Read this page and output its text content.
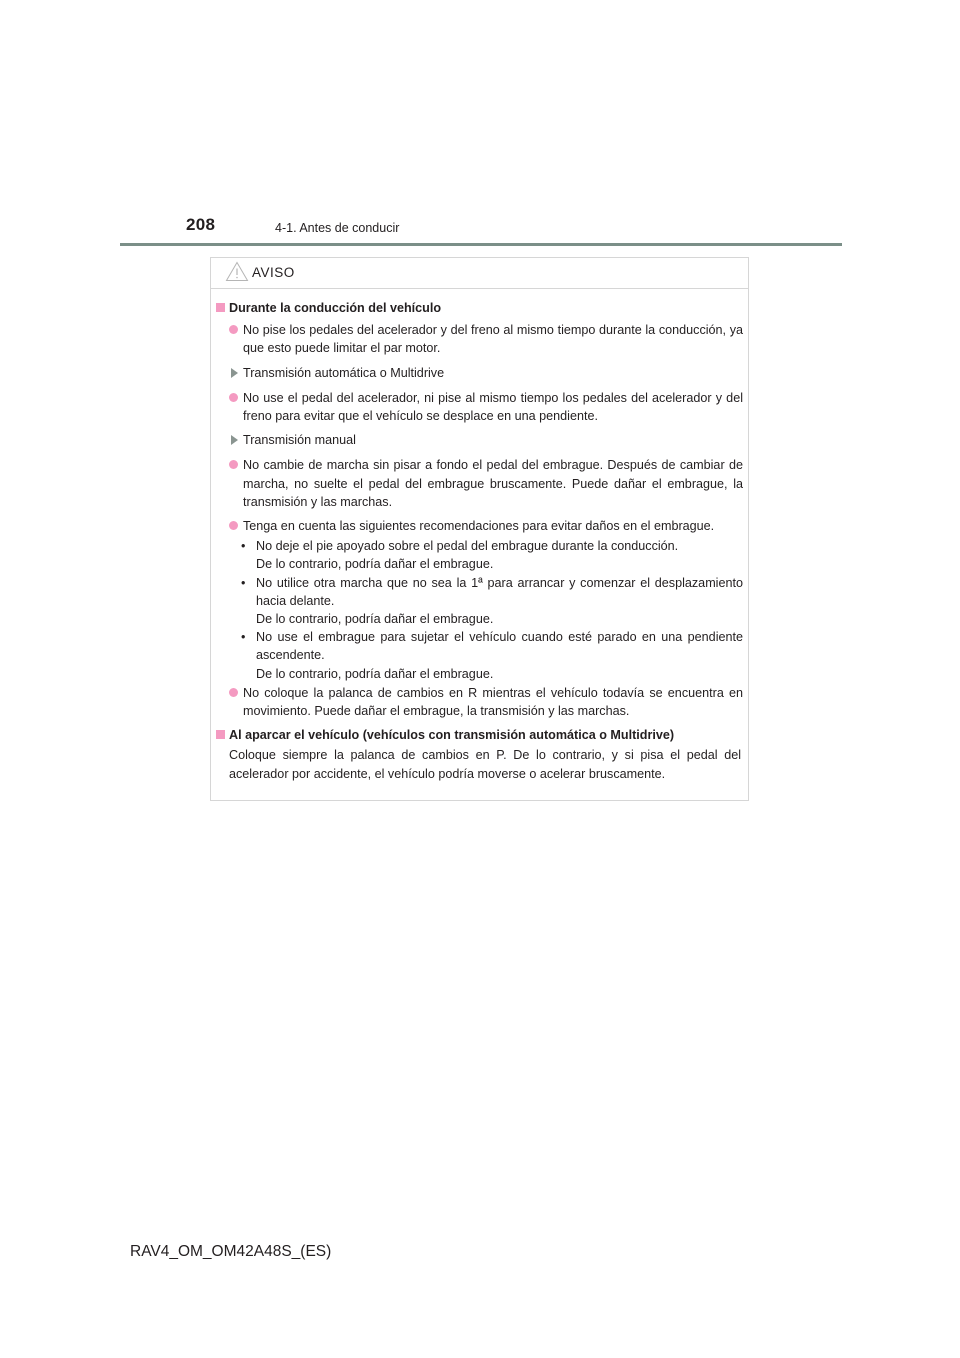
208	4-1. Antes de conducir
AVISO
Durante la conducción del vehículo
No pise los pedales del acelerador y del freno al mismo tiempo durante la conducción, ya que esto puede limitar el par motor.
Transmisión automática o Multidrive
No use el pedal del acelerador, ni pise al mismo tiempo los pedales del acelerador y del freno para evitar que el vehículo se desplace en una pendiente.
Transmisión manual
No cambie de marcha sin pisar a fondo el pedal del embrague. Después de cambiar de marcha, no suelte el pedal del embrague bruscamente. Puede dañar el embrague, la transmisión y las marchas.
Tenga en cuenta las siguientes recomendaciones para evitar daños en el embrague.
• No deje el pie apoyado sobre el pedal del embrague durante la conducción.
De lo contrario, podría dañar el embrague.
• No utilice otra marcha que no sea la 1ª para arrancar y comenzar el desplazamiento hacia delante.
De lo contrario, podría dañar el embrague.
• No use el embrague para sujetar el vehículo cuando esté parado en una pendiente ascendente.
De lo contrario, podría dañar el embrague.
No coloque la palanca de cambios en R mientras el vehículo todavía se encuentra en movimiento. Puede dañar el embrague, la transmisión y las marchas.
Al aparcar el vehículo (vehículos con transmisión automática o Multidrive)
Coloque siempre la palanca de cambios en P. De lo contrario, y si pisa el pedal del acelerador por accidente, el vehículo podría moverse o acelerar bruscamente.
RAV4_OM_OM42A48S_(ES)
